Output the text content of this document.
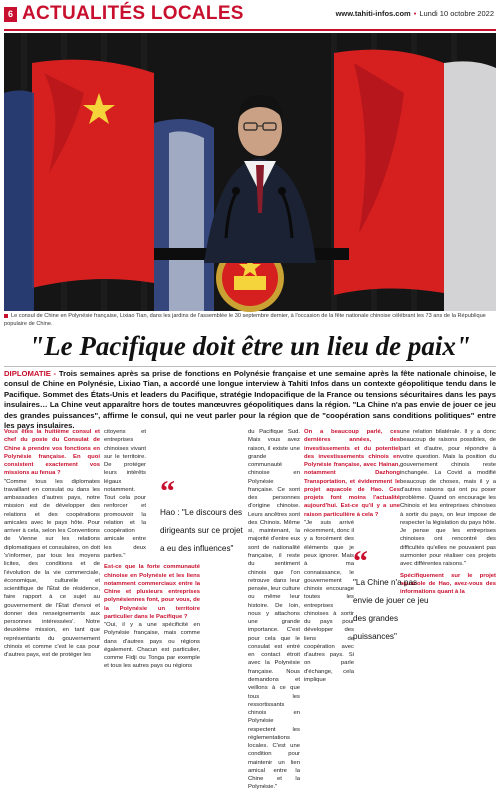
6 ACTUALITÉS LOCALES	www.tahiti-infos.com • Lundi 10 octobre 2022
Le consul de Chine en Polynésie française, Lixiao Tian, dans les jardins de l'assemblée le 30 septembre dernier, à l'occasion de la fête nationale chinoise célébrant les 73 ans de la République populaire de Chine.
"Le Pacifique doit être un lieu de paix"
DIPLOMATIE - Trois semaines après sa prise de fonctions en Polynésie française et une semaine après la fête nationale chinoise, le consul de Chine en Polynésie, Lixiao Tian, a accordé une longue interview à Tahiti Infos dans un contexte géopolitique tendu dans le Pacifique. Sommet des États-Unis et leaders du Pacifique, stratégie Indopacifique de la France ou tensions sécuritaires dans les pays insulaires… La Chine veut apparaître hors de toutes manœuvres géopolitiques dans la région. "La Chine n'a pas envie de jouer ce jeu des grandes puissances", affirme le consul, qui ne veut parler pour la région que de "coopération sans conditions politiques" entre les pays insulaires.

Vous êtes la huitième consul et chef du poste du Consulat de Chine à prendre vos fonctions en Polynésie française. En quoi consistent exactement vos missions au fenua ?

"Comme tous les diplomates travaillant en consulat ou dans les ambassades d'autres pays, notre mission est de développer des relations et des coopérations amicales avec le pays hôte. Pour arriver à cela, selon les Conventions de Vienne sur les relations diplomatiques et consulaires, on doit 's'informer, par tous les moyens licites, des conditions et de l'évolution de la vie commerciale, économique, culturelle et scientifique de l'État de résidence, faire rapport à ce sujet au gouvernement de l'État d'envoi et donner des renseignements aux personnes intéressées'. Notre deuxième mission, en tant que représentants du gouvernement chinois et comme c'est le cas pour d'autres pays, est de protéger les

citoyens et entreprises chinoises vivant sur le territoire. De protéger leurs intérêts légaux notamment. Tout cela pour renforcer et promouvoir la relation et la coopération amicale entre les deux parties."

Est-ce que la forte communauté chinoise en Polynésie et les liens notamment commerciaux entre la Chine et plusieurs entreprises polynésiennes font, pour vous, de la Polynésie un territoire particulier dans le Pacifique ?

"Oui, il y a une spécificité en Polynésie française, mais comme dans d'autres pays ou régions également. Chacun est particulier, comme Fidji ou Tonga par exemple et tous les autres pays ou régions

du Pacifique Sud. Mais vous avez raison, il existe une grande communauté chinoise en Polynésie française. Ce sont des personnes d'origine chinoise. Leurs ancêtres sont des Chinois. Même si, maintenant, la majorité d'entre eux sont de nationalité française, il reste du sentiment chinois que l'on retrouve dans leur pensée, leur culture ou même leur histoire. De loin, nous y attachons une grande importance. C'est pour cela que le consulat est entré en contact étroit avec la Polynésie française. Nous demandons et veillons à ce que tous les ressortissants chinois en Polynésie respectent les réglementations locales. C'est une condition pour maintenir un lien amical entre la Chine et la Polynésie."

On a beaucoup parlé, ces dernières années, des investissements et du potentiel des investissements chinois en Polynésie française, avec Hainan, notamment Dazhong Transportation, et évidemment le projet aquacole de Hao. Ces projets font moins l'actualité aujourd'hui. Est-ce qu'il y a une raison particulière à cela ?

"Je suis arrivé récemment, donc il y a forcément des éléments que je peux ignorer. Mais à ma connaissance, le gouvernement chinois encourage toutes les entreprises chinoises à sortir du pays pour développer des liens de coopération avec d'autres pays. Si on parle d'échange, cela implique

une relation bilatérale. Il y a donc beaucoup de raisons possibles, de part et d'autre, pour répondre à votre question. Mais la position du gouvernement chinois reste inchangée. La Covid a modifié beaucoup de choses, mais il y a d'autres raisons qui ont pu poser problème. Quand on encourage les Chinois et les entreprises chinoises à sortir du pays, on leur impose de respecter la législation du pays hôte. Je pense que les entreprises chinoises ont rencontré des difficultés qu'elles ne pouvaient pas surmonter pour réaliser ces projets avec différentes raisons."

Spécifiquement sur le projet aquacole de Hao, avez-vous des informations quant à la

“
Hao : "Le discours des dirigeants sur ce projet a eu des influences"	“
"La Chine n'a pas envie de jouer ce jeu des grandes puissances"
